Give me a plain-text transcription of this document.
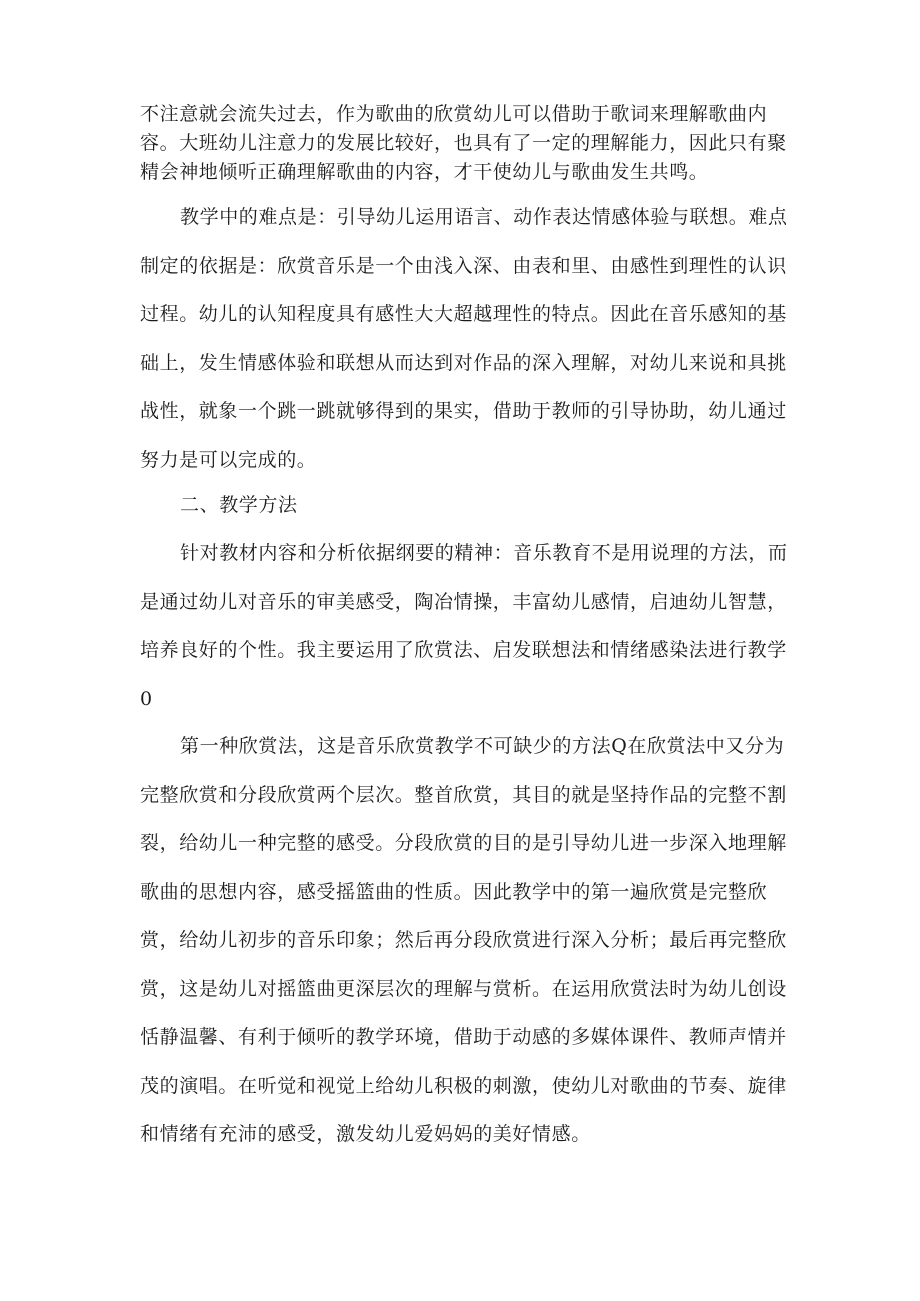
不注意就会流失过去，作为歌曲的欣赏幼儿可以借助于歌词来理解歌曲内容。大班幼儿注意力的发展比较好，也具有了一定的理解能力，因此只有聚精会神地倾听正确理解歌曲的内容，才干使幼儿与歌曲发生共鸣。

教学中的难点是：引导幼儿运用语言、动作表达情感体验与联想。难点制定的依据是：欣赏音乐是一个由浅入深、由表和里、由感性到理性的认识过程。幼儿的认知程度具有感性大大超越理性的特点。因此在音乐感知的基础上，发生情感体验和联想从而达到对作品的深入理解，对幼儿来说和具挑战性，就象一个跳一跳就够得到的果实，借助于教师的引导协助，幼儿通过努力是可以完成的。

二、教学方法

针对教材内容和分析依据纲要的精神：音乐教育不是用说理的方法，而是通过幼儿对音乐的审美感受，陶冶情操，丰富幼儿感情，启迪幼儿智慧，培养良好的个性。我主要运用了欣赏法、启发联想法和情绪感染法进行教学0

第一种欣赏法，这是音乐欣赏教学不可缺少的方法Q在欣赏法中又分为完整欣赏和分段欣赏两个层次。整首欣赏，其目的就是坚持作品的完整不割裂，给幼儿一种完整的感受。分段欣赏的目的是引导幼儿进一步深入地理解歌曲的思想内容，感受摇篮曲的性质。因此教学中的第一遍欣赏是完整欣赏，给幼儿初步的音乐印象；然后再分段欣赏进行深入分析；最后再完整欣赏，这是幼儿对摇篮曲更深层次的理解与赏析。在运用欣赏法时为幼儿创设恬静温馨、有利于倾听的教学环境，借助于动感的多媒体课件、教师声情并茂的演唱。在听觉和视觉上给幼儿积极的刺激，使幼儿对歌曲的节奏、旋律和情绪有充沛的感受，激发幼儿爱妈妈的美好情感。
